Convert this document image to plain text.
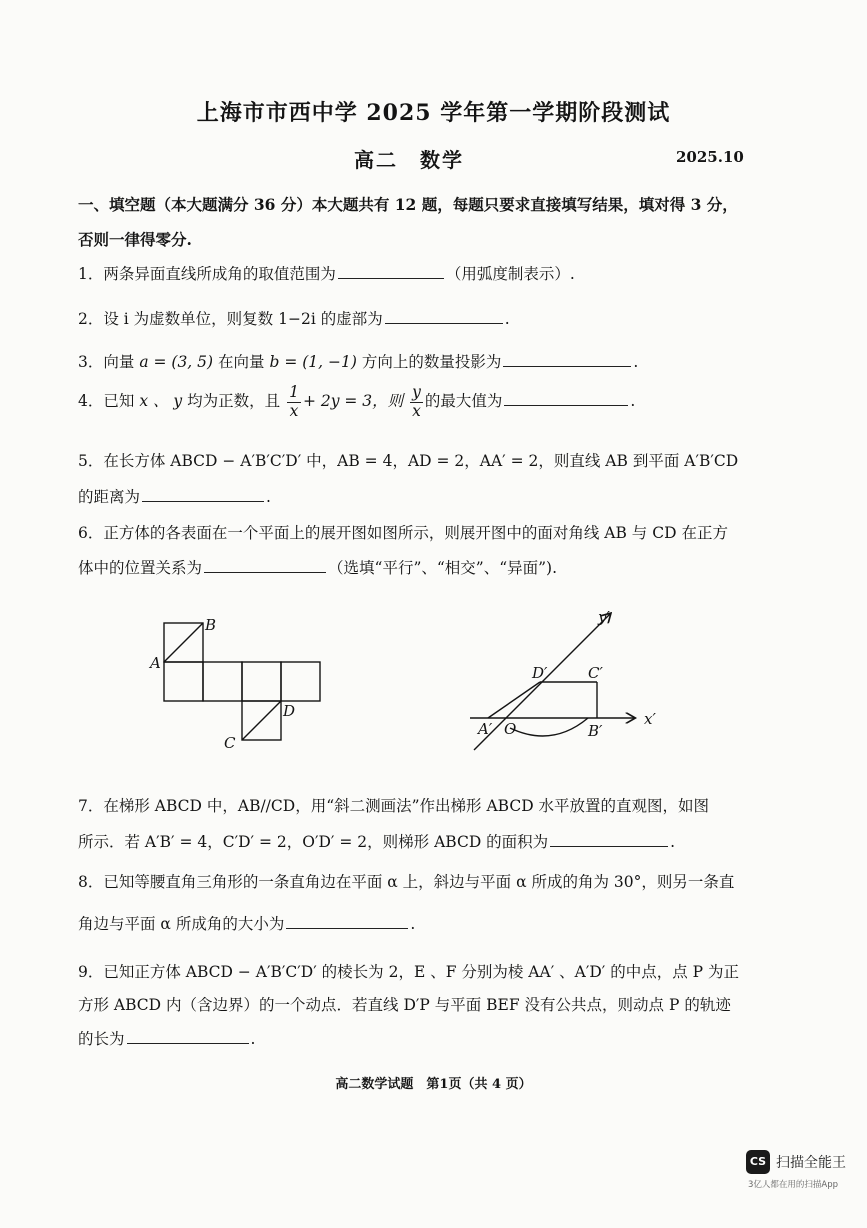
上海市市西中学 2025 学年第一学期阶段测试
高二　数学	2025.10
一、填空题（本大题满分 36 分）本大题共有 12 题，每题只要求直接填写结果，填对得 3 分，
否则一律得零分.
1．两条异面直线所成角的取值范围为	（用弧度制表示）.
2．设 i 为虚数单位，则复数 1−2i 的虚部为	.
3．向量 a = (3, 5) 在向量 b = (1, −1) 方向上的数量投影为	.
4．已知 x 、 y 均为正数，且 $\frac{1}{x} + 2y = 3$，则 $\frac{y}{x}$ 的最大值为	.
5．在长方体 ABCD − A′B′C′D′ 中，AB = 4，AD = 2，AA′ = 2，则直线 AB 到平面 A′B′CD
的距离为	.
6．正方体的各表面在一个平面上的展开图如图所示，则展开图中的面对角线 AB 与 CD 在正方
体中的位置关系为	（选填“平行”、“相交”、“异面”).
B
A
D
C
y′
x′
D′	C′
A′ O	B′
7．在梯形 ABCD 中，AB//CD，用“斜二测画法”作出梯形 ABCD 水平放置的直观图，如图
所示．若 A′B′ = 4，C′D′ = 2，O′D′ = 2，则梯形 ABCD 的面积为	.
8．已知等腰直角三角形的一条直角边在平面 α 上，斜边与平面 α 所成的角为 30°，则另一条直
角边与平面 α 所成角的大小为	.
9．已知正方体 ABCD − A′B′C′D′ 的棱长为 2，E 、F 分别为棱 AA′ 、A′D′ 的中点，点 P 为正
方形 ABCD 内（含边界）的一个动点．若直线 D′P 与平面 BEF 没有公共点，则动点 P 的轨迹
的长为	.
高二数学试题　第1页（共 4 页）
CS 扫描全能王
3亿人都在用的扫描App
